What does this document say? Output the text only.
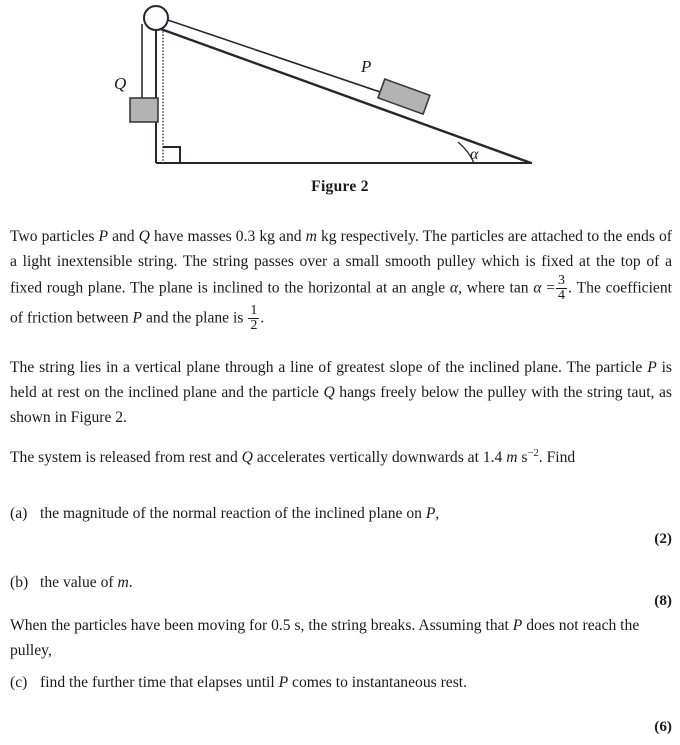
Q
P
α
Figure 2
Two particles P and Q have masses 0.3 kg and m kg respectively. The particles are attached to the ends of a light inextensible string. The string passes over a small smooth pulley which is fixed at the top of a fixed rough plane. The plane is inclined to the horizontal at an angle α, where $\tan \alpha = \frac{3}{4}$ . The coefficient of friction between P and the plane is $\frac{1}{2}$ .
The string lies in a vertical plane through a line of greatest slope of the inclined plane. The particle P is held at rest on the inclined plane and the particle Q hangs freely below the pulley with the string taut, as shown in Figure 2.
The system is released from rest and Q accelerates vertically downwards at 1.4 m $s^{-2}$. Find
(a) the magnitude of the normal reaction of the inclined plane on P,
(2)
(b) the value of m.
(8)
When the particles have been moving for 0.5 s, the string breaks. Assuming that P does not reach the pulley,
(c) find the further time that elapses until P comes to instantaneous rest.
(6)
